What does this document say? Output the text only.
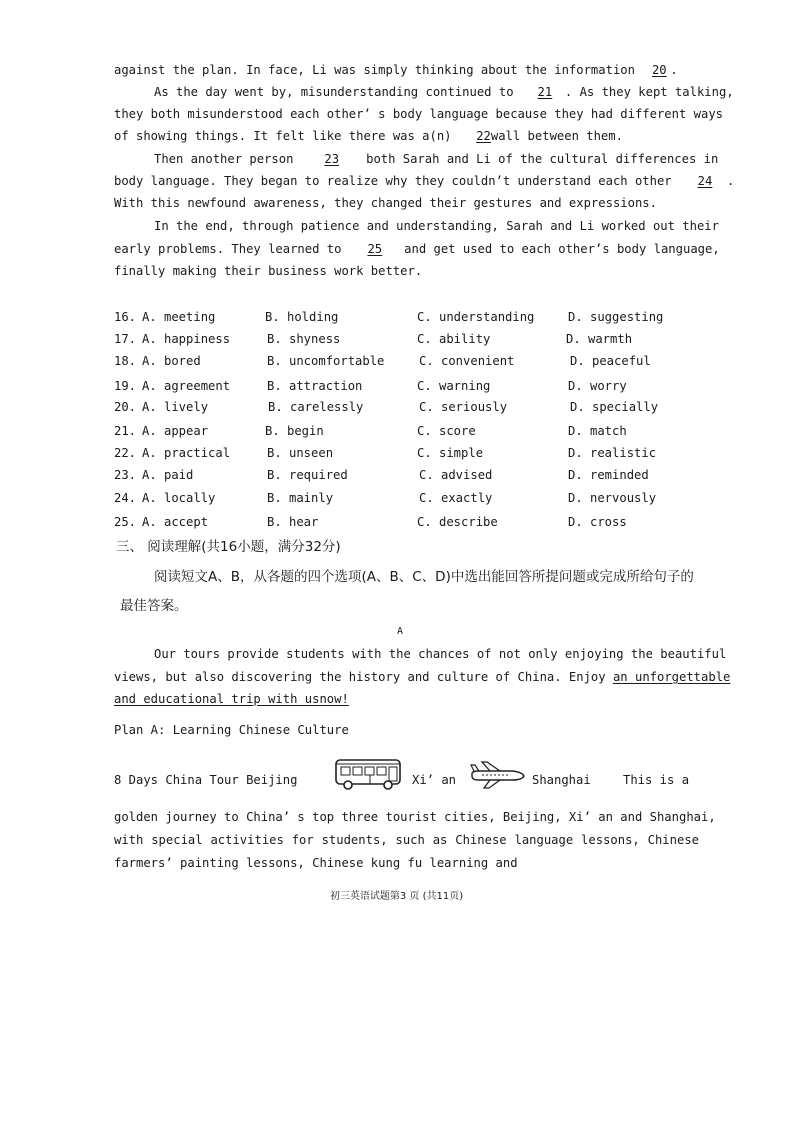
against the plan. In face, Li was simply thinking about the information 20 .
As the day went by, misunderstanding continued to 21 . As they kept talking,
they both misunderstood each other’ s body language because they had different ways
of showing things. It felt like there was a(n) 22wall between them.
Then another person	23 both Sarah and Li of the cultural differences in
body language. They began to realize why they couldn’t understand each other 24 .
With this newfound awareness, they changed their gestures and expressions.
In the end, through patience and understanding, Sarah and Li worked out their
early problems. They learned to 25 and get used to each other’s body language,
finally making their business work better.
16. A. meeting	B. holding	C. understanding	D. suggesting
17. A. happiness	B. shyness	C. ability	D. warmth
18. A. bored	B. uncomfortable	C. convenient	D. peaceful
19. A. agreement	B. attraction	C. warning	D. worry
20. A. lively	B. carelessly	C. seriously	D. specially
21. A. appear	B. begin	C. score	D. match
22. A. practical	B. unseen	C. simple	D. realistic
23. A. paid	B. required	C. advised	D. reminded
24. A. locally	B. mainly	C. exactly	D. nervously
25. A. accept	B. hear	C. describe	D. cross
三、 阅读理解(共16小题，满分32分)
阅读短文A、B，从各题的四个选项(A、B、C、D)中选出能回答所提问题或完成所给句子的
最佳答案。
A
Our tours provide students with the chances of not only enjoying the beautiful
views, but also discovering the history and culture of China. Enjoy an unforgettable
and educational trip with usnow!
Plan A: Learning Chinese Culture
8 Days China Tour Beijing	Xi’ an	Shanghai	This is a
golden journey to China’ s top three tourist cities, Beijing, Xi’ an and Shanghai,
with special activities for students, such as Chinese language lessons, Chinese
farmers’ painting lessons, Chinese kung fu learning and
初三英语试题第3 页 (共11页)
